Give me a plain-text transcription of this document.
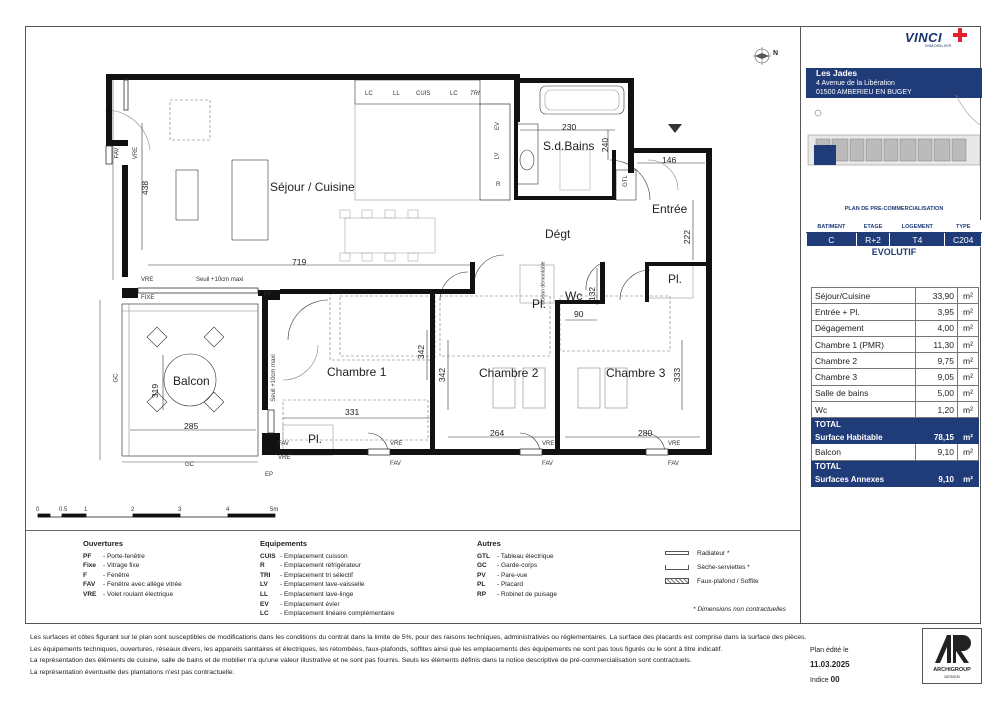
Séjour / Cuisine
S.d.Bains
Entrée
Dégt
Wc
Pl.
Pl.
Pl.
Chambre 1	Chambre 2	Chambre 3
Balcon
438
719
230
240
146
222
132
90
342
342	333
331
264	280
319
285
LC	LL	CUIS	LC TRI
EV
LV
R	GTL
FAV VRE
VRE
FIXE	PF
GC
GC
EP
VRE
FAV
VRE
FAV
VRE
FAV
FAV
VRE
Seuil +10cm maxi
Seuil +10cm maxi
cloison démontable
N
0	0.5	1	2	3	4	5m
Ouvertures
PF - Porte-fenêtre
Fixe - Vitrage fixe
F - Fenêtre
FAV - Fenêtre avec allège vitrée
VRE - Volet roulant électrique
Equipements
CUIS - Emplacement cuisson
R - Emplacement réfrigérateur
TRI - Emplacement tri sélectif
LV - Emplacement lave-vaisselle
LL - Emplacement lave-linge
EV - Emplacement évier
LC - Emplacement linéaire complémentaire
Autres
GTL - Tableau électrique
GC - Garde-corps
PV - Pare-vue
PL - Placard
RP - Robinet de puisage
Radiateur *
Sèche-serviettes *
Faux-plafond / Soffite
* Dimensions non contractuelles
VINCI
IMMOBILIER
Les Jades
4 Avenue de la Libération
01500 AMBERIEU EN BUGEY
PLAN DE PRE-COMMERCIALISATION
BATIMENT	ETAGE	LOGEMENT	TYPE
C	R+2	T4	C204
EVOLUTIF
Séjour/Cuisine	33,90	m²
Entrée + Pl.	3,95	m²
Dégagement	4,00	m²
Chambre 1 (PMR)	11,30	m²
Chambre 2	9,75	m²
Chambre 3	9,05	m²
Salle de bains	5,00	m²
Wc	1,20	m²
TOTAL		
Surface Habitable	78,15	m²
Balcon	9,10	m²
TOTAL		
Surfaces Annexes	9,10	m²
Les surfaces et côtes figurant sur le plan sont susceptibles de modifications dans les conditions du contrat dans la limite de 5%, pour des raisons techniques, administratives ou réglementaires. La surface des placards est comprise dans la surface des pièces.
Les équipements techniques, ouvertures, réseaux divers, les appareils sanitaires et électriques, les retombées, faux-plafonds, soffites ainsi que les emplacements des équipements ne sont pas tous figurés ou le sont à titre indicatif.
La représentation des éléments de cuisine, salle de bains et de mobilier n'a qu'une valeur illustrative et ne sont pas fournis. Seuls les éléments définis dans la notice descriptive de pré-commercialisation sont contractuels.
La représentation éventuelle des plantations n'est pas contractuelle.
Plan édité le
11.03.2025
Indice 00
ARCHIGROUP
DESIGN
